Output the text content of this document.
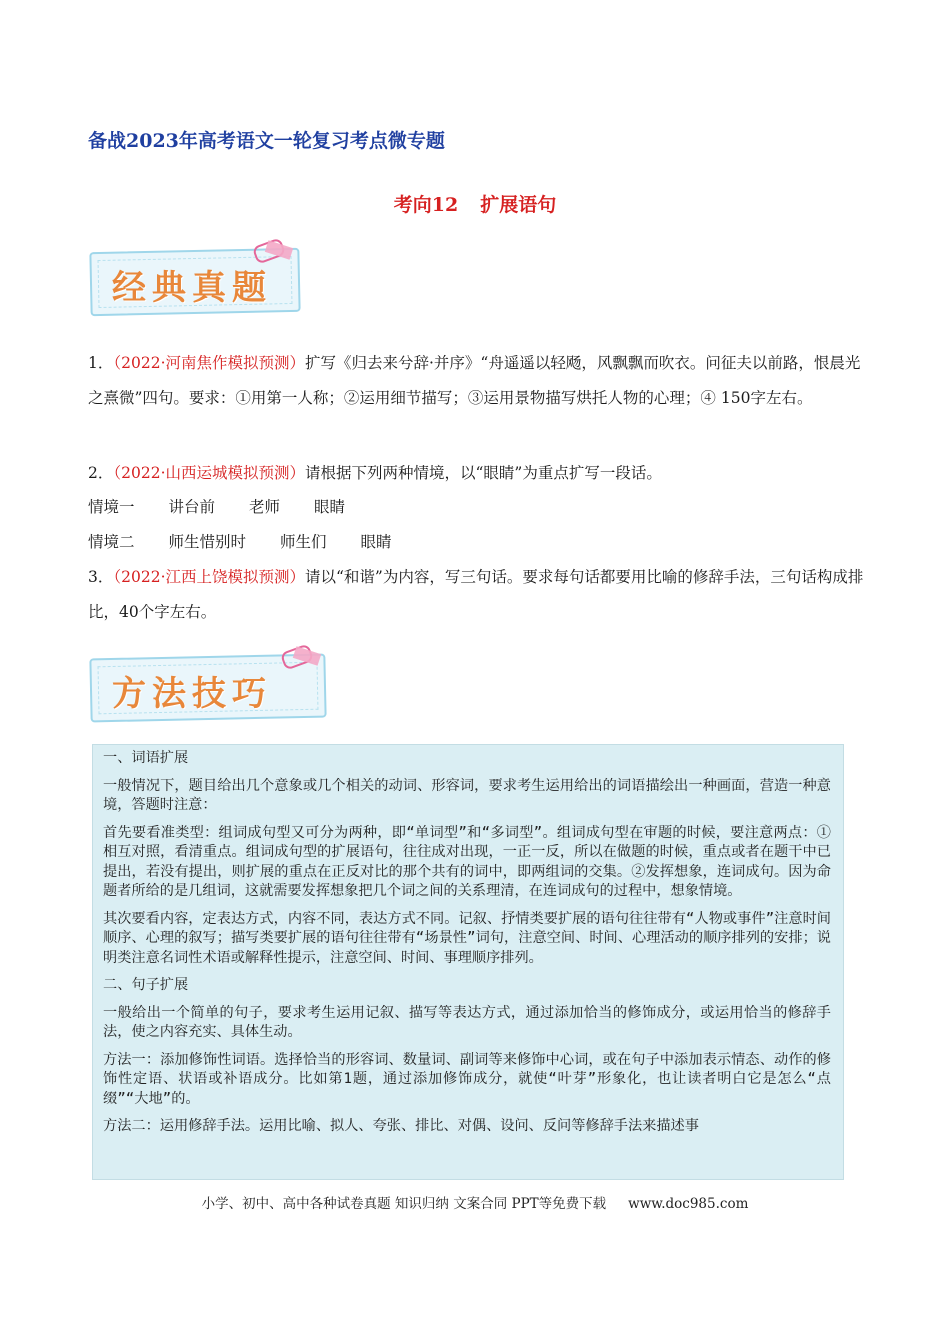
备战2023年高考语文一轮复习考点微专题
考向12 扩展语句
经典真题
1．（2022·河南焦作模拟预测）扩写《归去来兮辞·并序》“舟遥遥以轻飏，风飘飘而吹衣。问征夫以前路，恨晨光之熹微”四句。要求：①用第一人称；②运用细节描写；③运用景物描写烘托人物的心理；④ 150字左右。
2．（2022·山西运城模拟预测）请根据下列两种情境，以“眼睛”为重点扩写一段话。
情境一 讲台前 老师 眼睛
情境二 师生惜别时 师生们 眼睛
3．（2022·江西上饶模拟预测）请以“和谐”为内容，写三句话。要求每句话都要用比喻的修辞手法，三句话构成排比，40个字左右。
方法技巧

一、词语扩展

一般情况下，题目给出几个意象或几个相关的动词、形容词，要求考生运用给出的词语描绘出一种画面，营造一种意境，答题时注意：

首先要看准类型：组词成句型又可分为两种，即“单词型”和“多词型”。组词成句型在审题的时候，要注意两点：①相互对照，看清重点。组词成句型的扩展语句，往往成对出现，一正一反，所以在做题的时候，重点或者在题干中已提出，若没有提出，则扩展的重点在正反对比的那个共有的词中，即两组词的交集。②发挥想象，连词成句。因为命题者所给的是几组词，这就需要发挥想象把几个词之间的关系理清，在连词成句的过程中，想象情境。

其次要看内容，定表达方式，内容不同，表达方式不同。记叙、抒情类要扩展的语句往往带有“人物或事件”注意时间顺序、心理的叙写；描写类要扩展的语句往往带有“场景性”词句，注意空间、时间、心理活动的顺序排列的安排；说明类注意名词性术语或解释性提示，注意空间、时间、事理顺序排列。

二、句子扩展

一般给出一个简单的句子，要求考生运用记叙、描写等表达方式，通过添加恰当的修饰成分，或运用恰当的修辞手法，使之内容充实、具体生动。

方法一：添加修饰性词语。选择恰当的形容词、数量词、副词等来修饰中心词，或在句子中添加表示情态、动作的修饰性定语、状语或补语成分。比如第1题，通过添加修饰成分，就使“叶芽”形象化，也让读者明白它是怎么“点缀”“大地”的。

方法二：运用修辞手法。运用比喻、拟人、夸张、排比、对偶、设问、反问等修辞手法来描述事

小学、初中、高中各种试卷真题 知识归纳 文案合同 PPT等免费下载 www.doc985.com
